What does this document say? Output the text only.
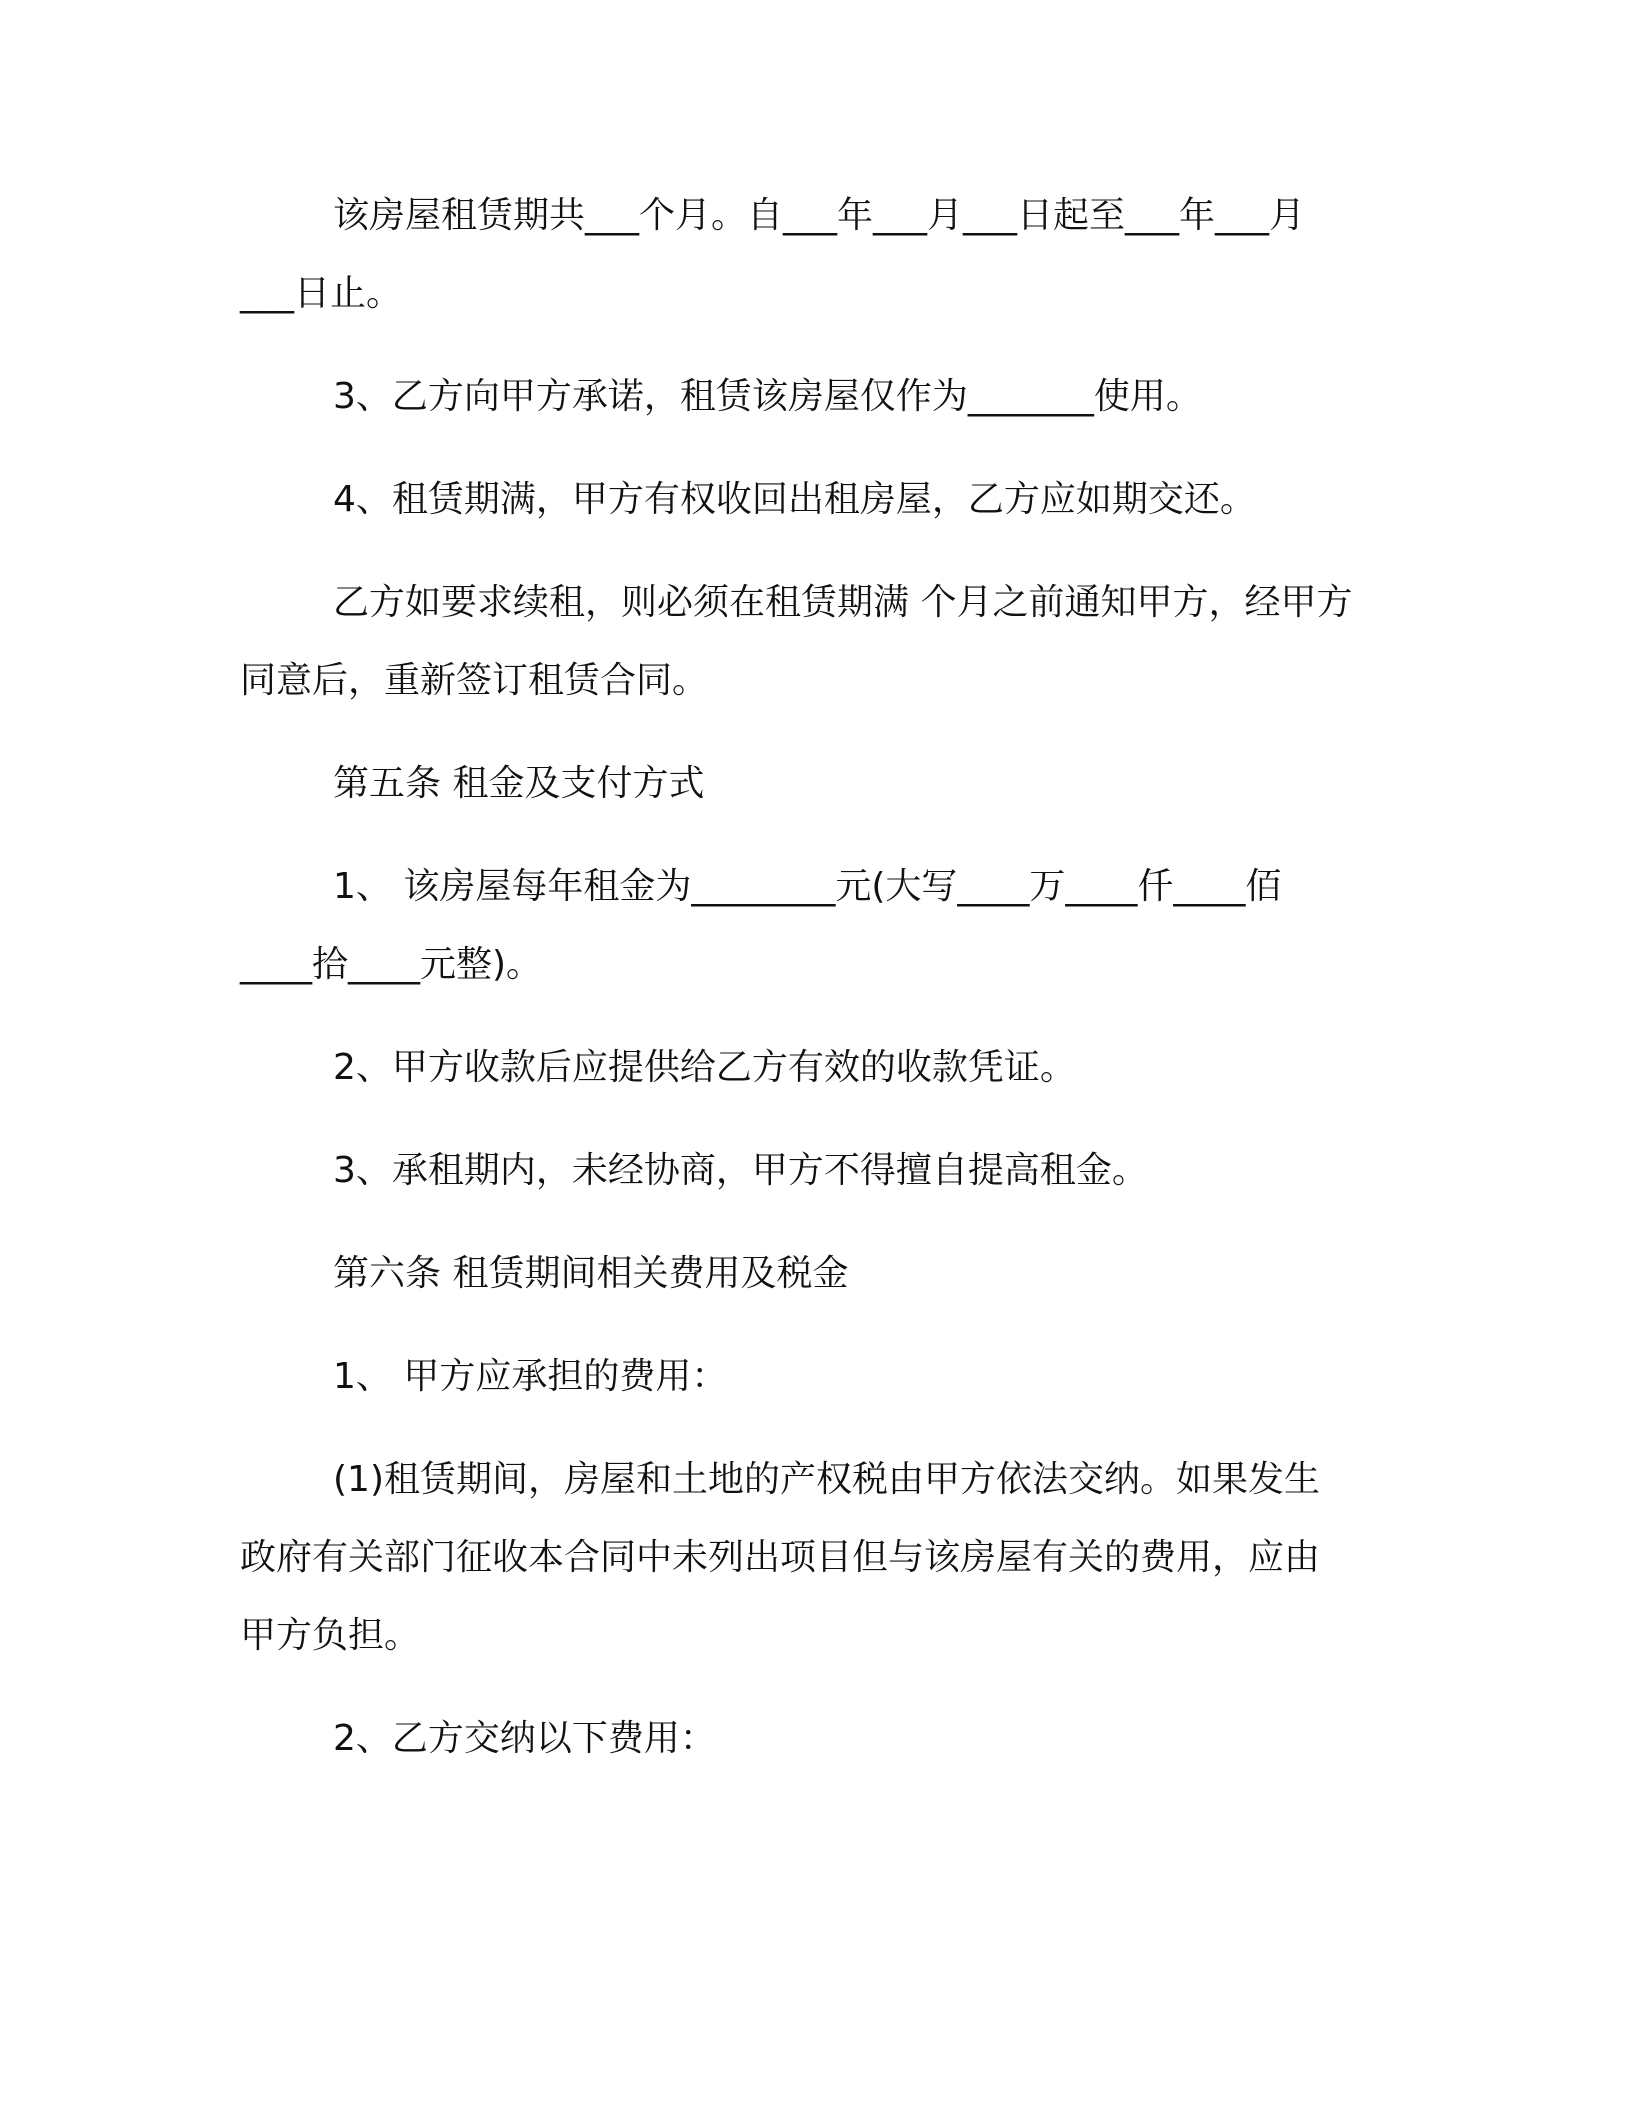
该房屋租赁期共___个月。自___年___月___日起至___年___月

___日止。

3、乙方向甲方承诺，租赁该房屋仅作为_______使用。

4、租赁期满，甲方有权收回出租房屋，乙方应如期交还。

乙方如要求续租，则必须在租赁期满 个月之前通知甲方，经甲方

同意后，重新签订租赁合同。

第五条 租金及支付方式

1、 该房屋每年租金为________元(大写____万____仟____佰

____拾____元整)。

2、甲方收款后应提供给乙方有效的收款凭证。

3、承租期内，未经协商，甲方不得擅自提高租金。

第六条 租赁期间相关费用及税金

1、 甲方应承担的费用：

(1)租赁期间，房屋和土地的产权税由甲方依法交纳。如果发生

政府有关部门征收本合同中未列出项目但与该房屋有关的费用，应由

甲方负担。

2、乙方交纳以下费用：
